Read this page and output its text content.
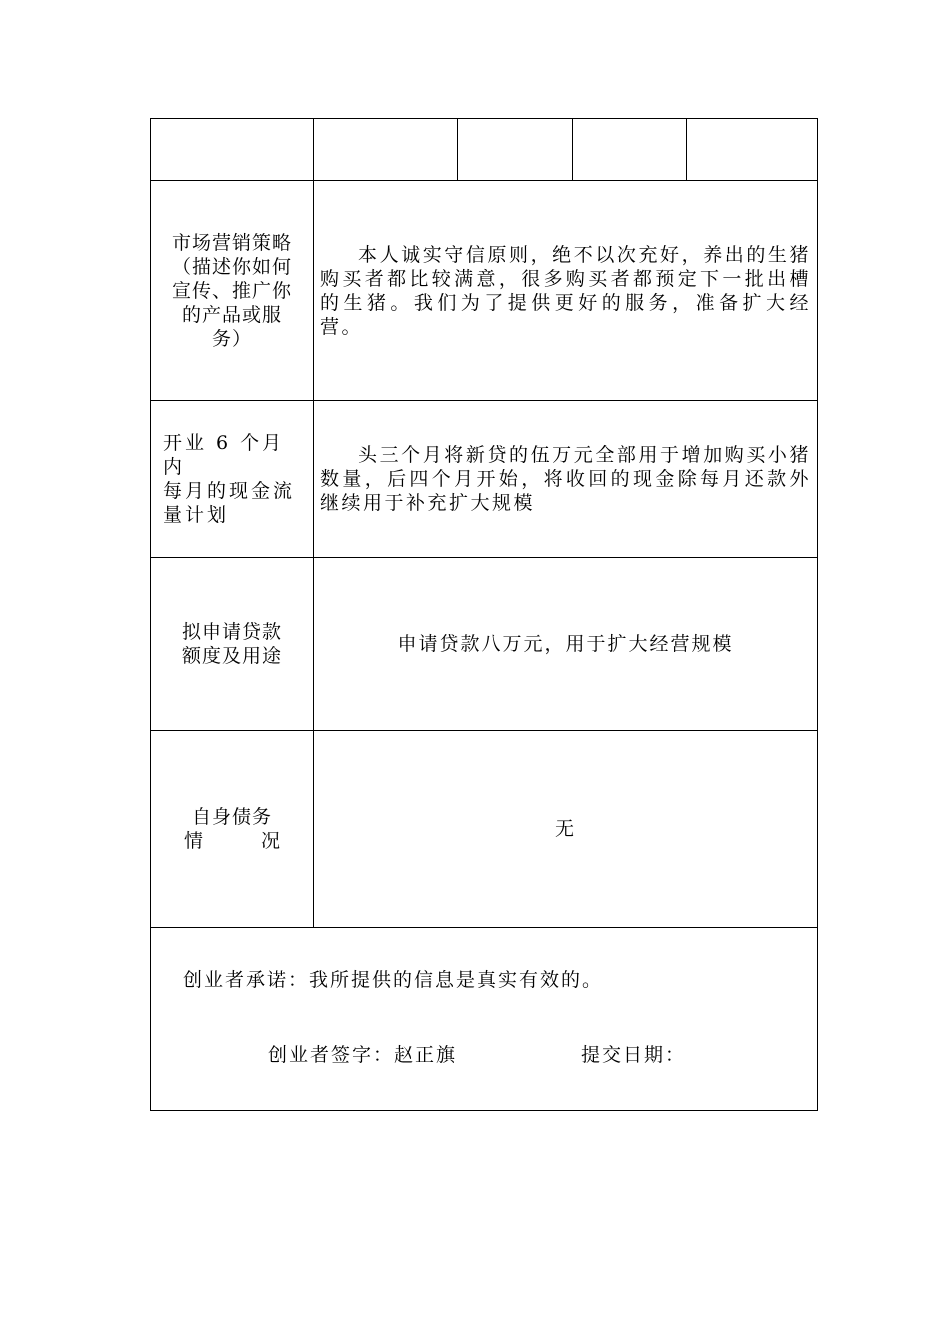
市场营销策略
（描述你如何
宣传、推广你
的产品或服
务）	本人诚实守信原则，绝不以次充好，养出的生猪购买者都比较满意，很多购买者都预定下一批出槽的生猪。我们为了提供更好的服务，准备扩大经营。			

开业 6 个月内
每月的现金流
量计划	头三个月将新贷的伍万元全部用于增加购买小猪数量，后四个月开始，将收回的现金除每月还款外继续用于补充扩大规模			

拟申请贷款
额度及用途	申请贷款八万元，用于扩大经营规模			
自身债务
情 况	无			

创业者承诺：我所提供的信息是真实有效的。
创业者签字：赵正旗 提交日期：				
